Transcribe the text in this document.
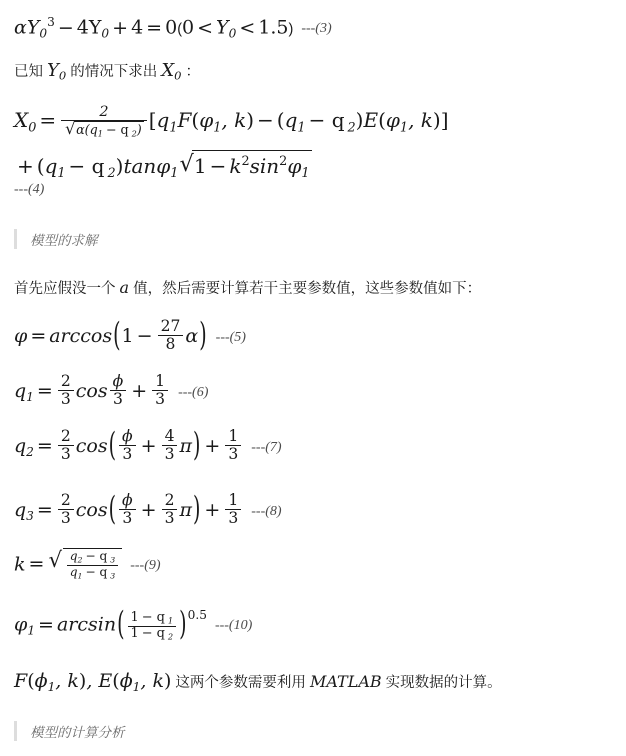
$\alpha Y_0^3 - 4Y_0 + 4 = 0(0 < Y_0 < 1.5)$ ---(3)
已知 $Y_0$ 的情况下求出 $X_0$ ：
$X_0 = 2$
√ $\alpha(q_1 - q$ $_2$) [$q_1F(\varphi_1$, $k) - (q_1 - q$ $_2)E(\varphi_1$, k)]
+ ($q_1 - q$ $_2$)tanφ$_1$ √ $1 - k^2\sin^2\varphi_1$
---(4)
模型的求解
首先应假没一个 a 值，然后需要计算若干主要参数值，这些参数值如下：
$\varphi = \arccos(1 - \frac{27}{8} \alpha)$ ---(5)
$q_1 = \frac{2}{3}$ $\cos \frac{\phi}{3} + \frac{1}{3} ---(6)$
$q_2 = \frac{2}{3} \cos( \frac{\phi}{3} + \frac{4}{3} \pi) + \frac{1}{3} ---(7)$
$q_3 = \frac{2}{3} \cos( \frac{\phi}{3} + \frac{2}{3} \pi) + \frac{1}{3} ---(8)$
k = √ $\frac{q_2 - q _3}{q_1 - q _3} ---(9)$
$\varphi_1 = \arcsin( \frac{1 - q _1}{1 - q _2} )^{0.5}---(10)$
$F(\phi_1$, k), $E(\phi_1$, k) 这两个参数需要利用 MATLAB 实现数据的计算。
模型的计算分析
